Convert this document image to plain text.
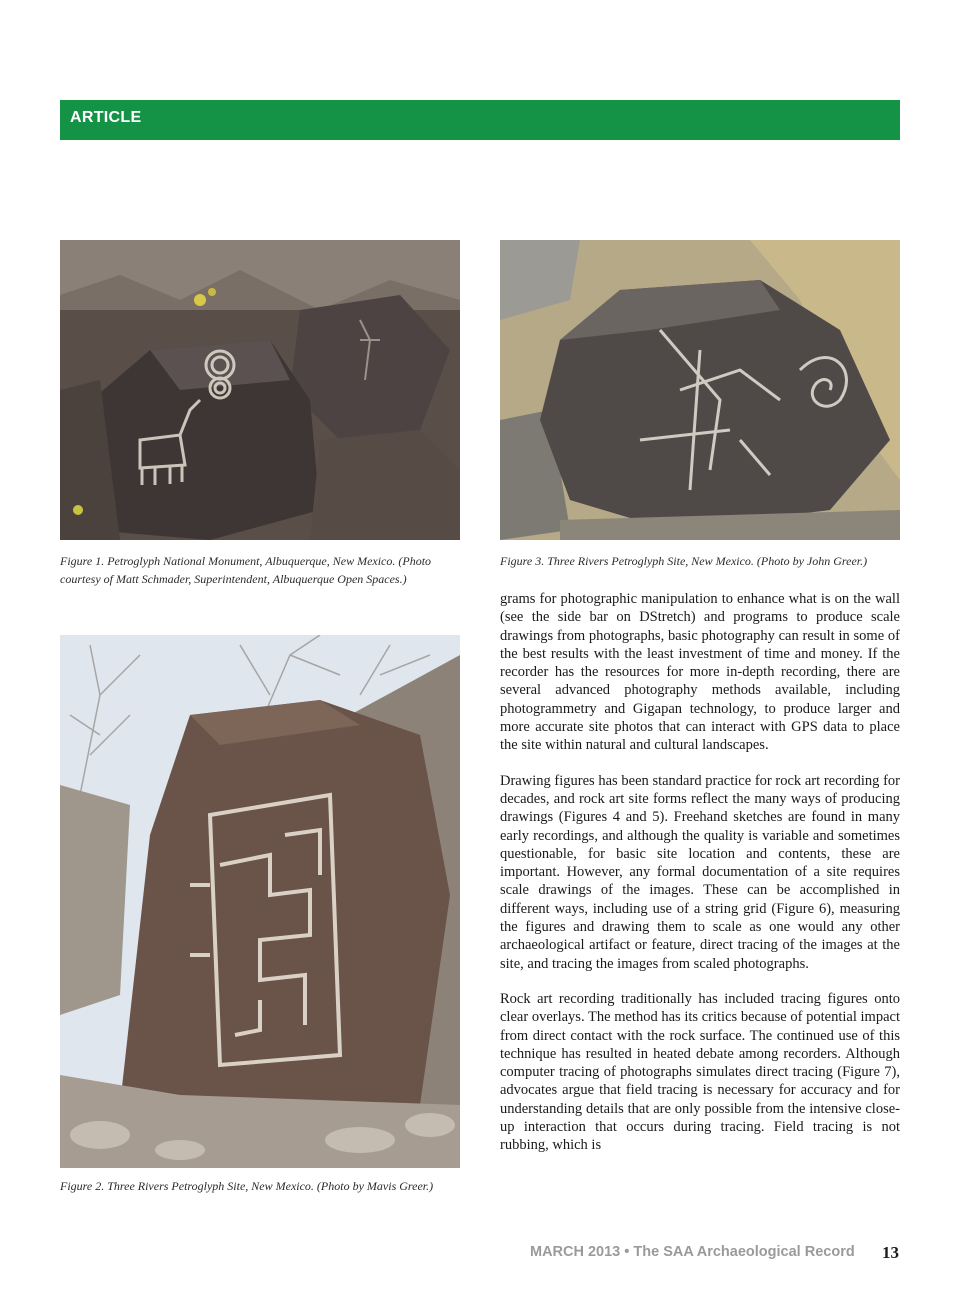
ARTICLE
Figure 1. Petroglyph National Monument, Albuquerque, New Mexico. (Photo courtesy of Matt Schmader, Superintendent, Albuquerque Open Spaces.)
Figure 3. Three Rivers Petroglyph Site, New Mexico. (Photo by John Greer.)
Figure 2. Three Rivers Petroglyph Site, New Mexico. (Photo by Mavis Greer.)

grams for photographic manipulation to enhance what is on the wall (see the side bar on DStretch) and programs to produce scale drawings from photographs, basic photography can result in some of the best results with the least investment of time and money. If the recorder has the resources for more in-depth recording, there are several advanced photography methods available, including photogrammetry and Gigapan technology, to produce larger and more accurate site photos that can interact with GPS data to place the site within natural and cultural landscapes.

Drawing figures has been standard practice for rock art recording for decades, and rock art site forms reflect the many ways of producing drawings (Figures 4 and 5). Freehand sketches are found in many early recordings, and although the quality is variable and sometimes questionable, for basic site location and contents, these are important. However, any formal documentation of a site requires scale drawings of the images. These can be accomplished in different ways, including use of a string grid (Figure 6), measuring the figures and drawing them to scale as one would any other archaeological artifact or feature, direct tracing of the images at the site, and tracing the images from scaled photographs.

Rock art recording traditionally has included tracing figures onto clear overlays. The method has its critics because of potential impact from direct contact with the rock surface. The continued use of this technique has resulted in heated debate among recorders. Although computer tracing of photographs simulates direct tracing (Figure 7), advocates argue that field tracing is necessary for accuracy and for understanding details that are only possible from the intensive close-up interaction that occurs during tracing. Field tracing is not rubbing, which is

MARCH 2013 • The SAA Archaeological Record 13
